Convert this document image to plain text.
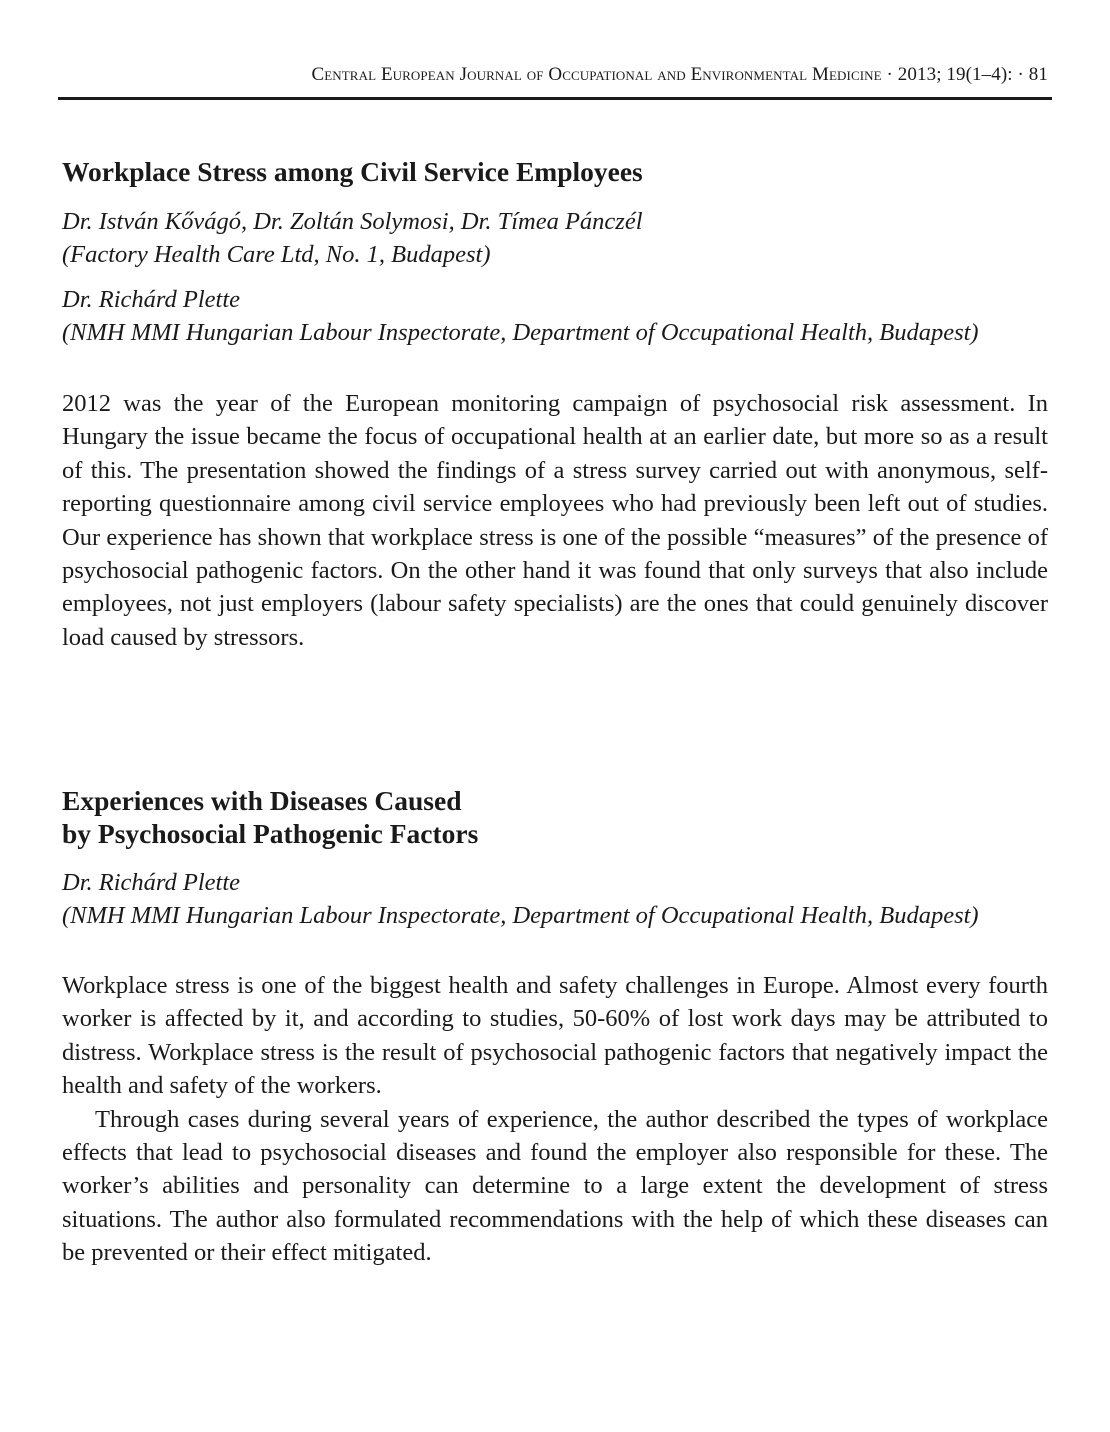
Central European Journal of Occupational and Environmental Medicine · 2013; 19(1–4): · 81
Workplace Stress among Civil Service Employees
Dr. István Kővágó, Dr. Zoltán Solymosi, Dr. Tímea Pánczél
(Factory Health Care Ltd, No. 1, Budapest)
Dr. Richárd Plette
(NMH MMI Hungarian Labour Inspectorate, Department of Occupational Health, Budapest)

2012 was the year of the European monitoring campaign of psychosocial risk assessment. In Hungary the issue became the focus of occupational health at an earlier date, but more so as a result of this. The presentation showed the findings of a stress survey carried out with anonymous, self-reporting questionnaire among civil service employees who had previously been left out of studies. Our experience has shown that workplace stress is one of the possible “measures” of the presence of psychosocial pathogenic factors. On the other hand it was found that only surveys that also include employees, not just employers (labour safety specialists) are the ones that could genuinely discover load caused by stressors.

Experiences with Diseases Caused
by Psychosocial Pathogenic Factors
Dr. Richárd Plette
(NMH MMI Hungarian Labour Inspectorate, Department of Occupational Health, Budapest)

Workplace stress is one of the biggest health and safety challenges in Europe. Almost every fourth worker is affected by it, and according to studies, 50-60% of lost work days may be attributed to distress. Workplace stress is the result of psychosocial pathogenic factors that negatively impact the health and safety of the workers.

Through cases during several years of experience, the author described the types of workplace effects that lead to psychosocial diseases and found the employer also responsible for these. The worker’s abilities and personality can determine to a large extent the development of stress situations. The author also formulated recommendations with the help of which these diseases can be prevented or their effect mitigated.
